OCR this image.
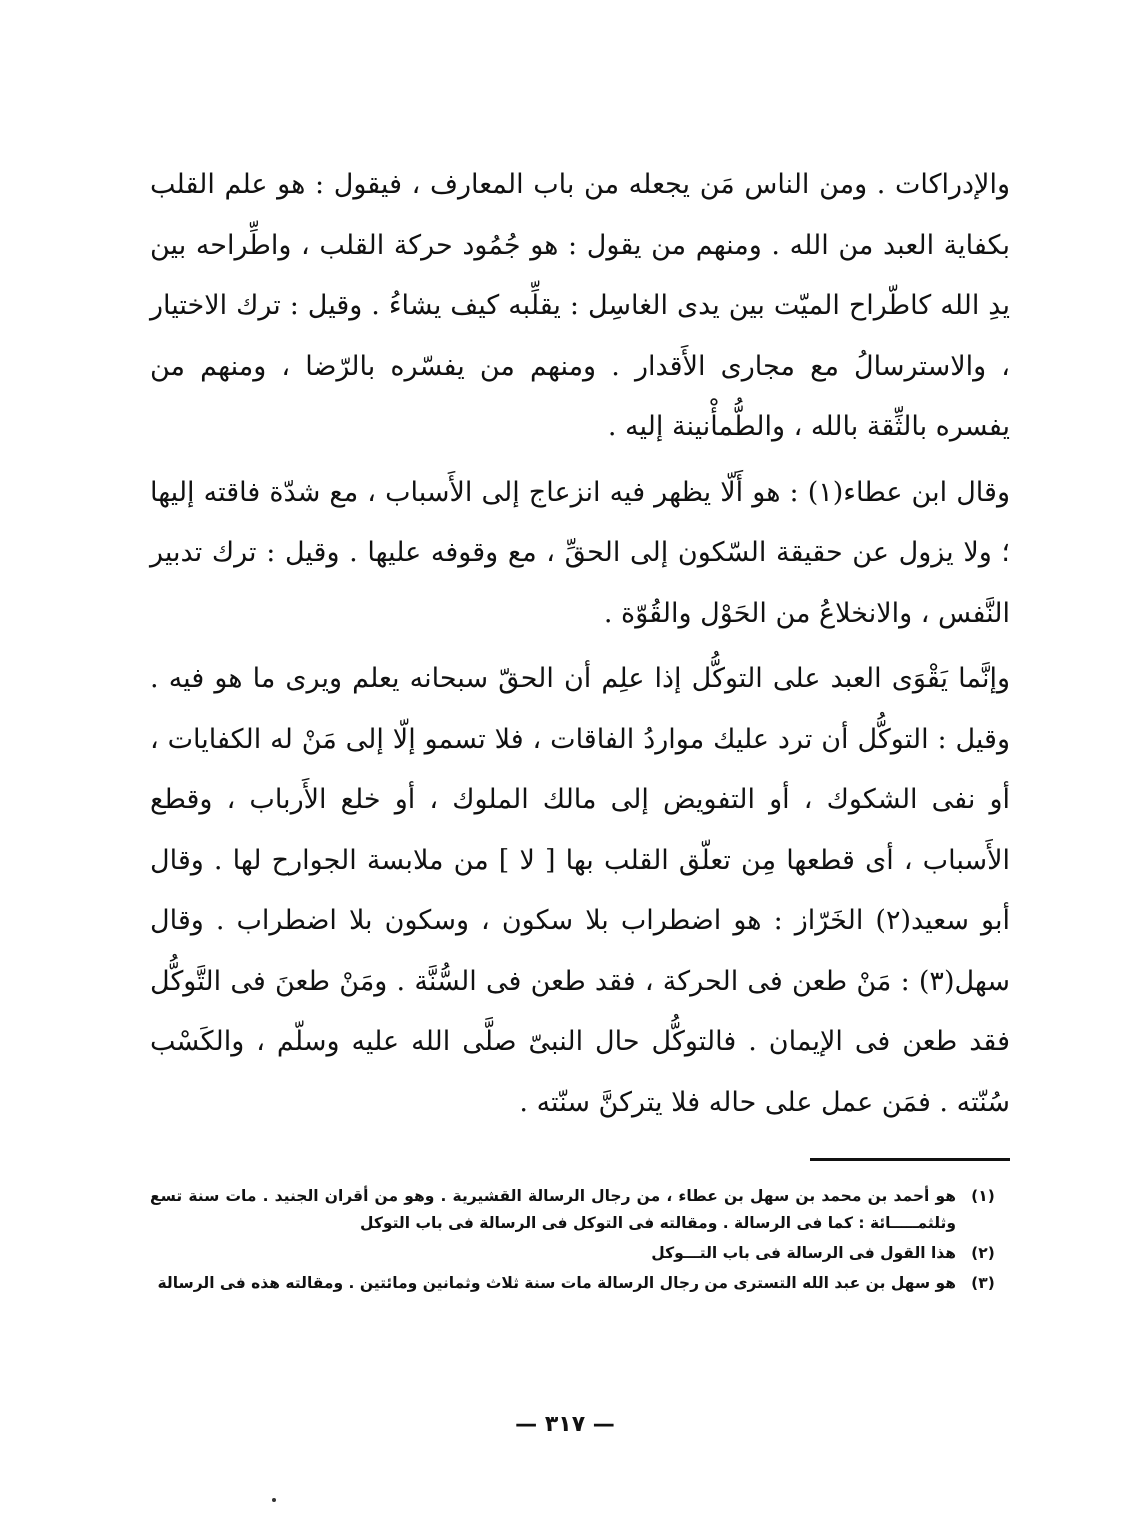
والإدراكات . ومن الناس مَن يجعله من باب المعارف ، فيقول : هو علم القلب بكفاية العبد من الله . ومنهم من يقول : هو جُمُود حركة القلب ، واطِّراحه بين يدِ الله كاطّراح الميّت بين يدى الغاسِل : يقلِّبه كيف يشاءُ . وقيل : ترك الاختيار ، والاسترسالُ مع مجارى الأَقدار . ومنهم من يفسّره بالرّضا ، ومنهم من يفسره بالثِّقة بالله ، والطُّمأْنينة إليه .

وقال ابن عطاء(١) : هو أَلّا يظهر فيه انزعاج إلى الأَسباب ، مع شدّة فاقته إليها ؛ ولا يزول عن حقيقة السّكون إلى الحقِّ ، مع وقوفه عليها . وقيل : ترك تدبير النَّفس ، والانخلاعُ من الحَوْل والقُوّة .

وإنَّما يَقْوَى العبد على التوكُّل إذا علِم أن الحقّ سبحانه يعلم ويرى ما هو فيه . وقيل : التوكُّل أن ترد عليك مواردُ الفاقات ، فلا تسمو إلّا إلى مَنْ له الكفايات ، أو نفى الشكوك ، أو التفويض إلى مالك الملوك ، أو خلع الأَرباب ، وقطع الأَسباب ، أى قطعها مِن تعلّق القلب بها [ لا ] من ملابسة الجوارح لها . وقال أبو سعيد(٢) الخَرّاز : هو اضطراب بلا سكون ، وسكون بلا اضطراب . وقال سهل(٣) : مَنْ طعن فى الحركة ، فقد طعن فى السُّنَّة . ومَنْ طعنَ فى التَّوكُّل فقد طعن فى الإيمان . فالتوكُّل حال النبىّ صلَّى الله عليه وسلّم ، والكَسْب سُنّته . فمَن عمل على حاله فلا يتركنَّ سنّته .

(١)
هو أحمد بن محمد بن سهل بن عطاء ، من رجال الرسالة القشيرية . وهو من أقران الجنيد . مات سنة تسع وثلثمـــــائة : كما فى الرسالة . ومقالته فى التوكل فى الرسالة فى باب التوكل
(٢)
هذا القول فى الرسالة فى باب التـــوكل
(٣)
هو سهل بن عبد الله التسترى من رجال الرسالة مات سنة ثلاث وثمانين ومائتين . ومقالته هذه فى الرسالة
— ٣١٧ —
